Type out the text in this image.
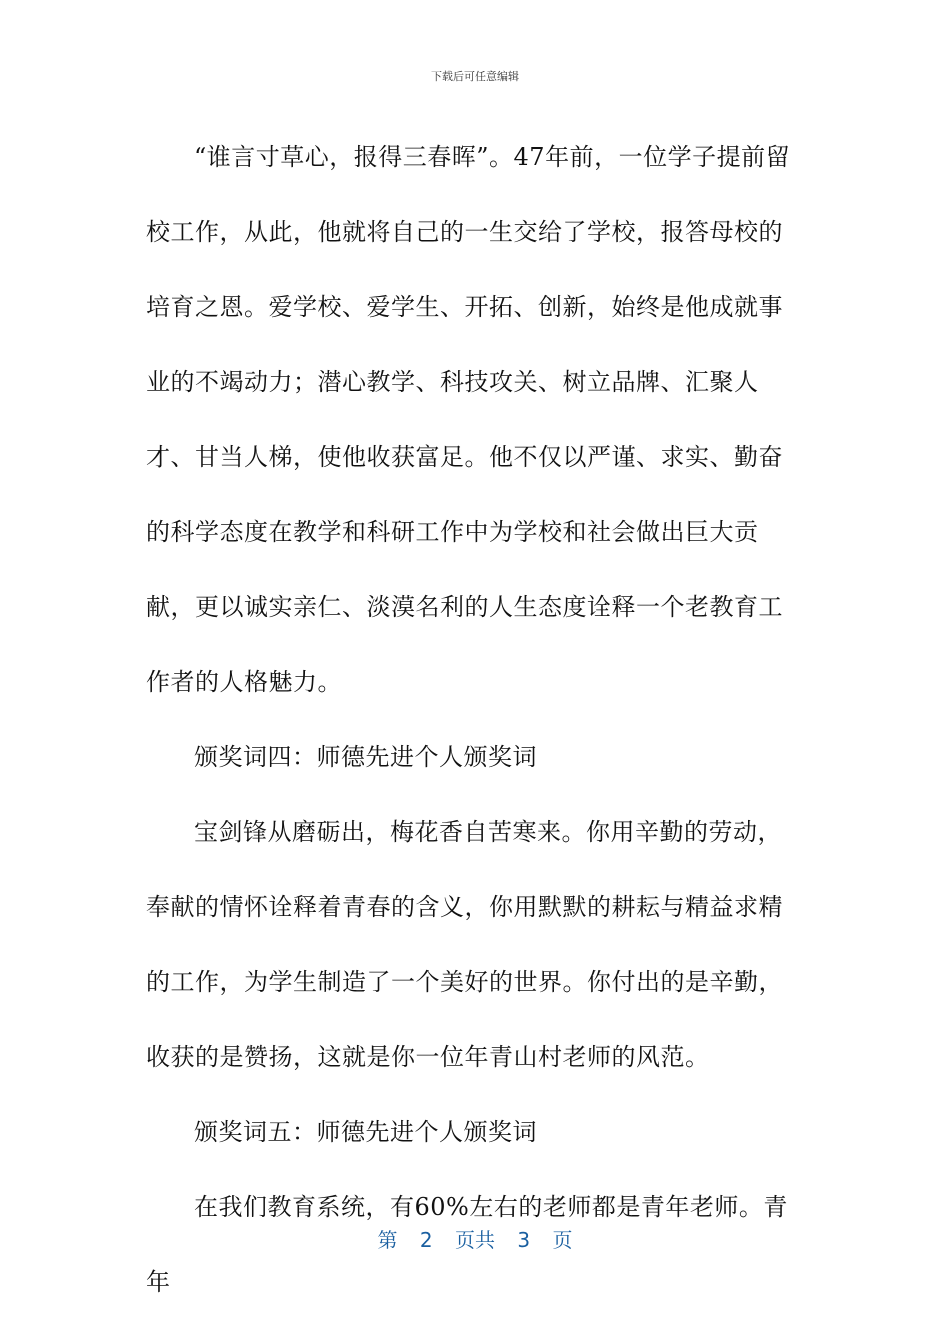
下载后可任意编辑

“谁言寸草心，报得三春晖”。47年前，一位学子提前留校工作，从此，他就将自己的一生交给了学校，报答母校的培育之恩。爱学校、爱学生、开拓、创新，始终是他成就事业的不竭动力；潜心教学、科技攻关、树立品牌、汇聚人才、甘当人梯，使他收获富足。他不仅以严谨、求实、勤奋的科学态度在教学和科研工作中为学校和社会做出巨大贡献，更以诚实亲仁、淡漠名利的人生态度诠释一个老教育工作者的人格魅力。

颁奖词四：师德先进个人颁奖词

宝剑锋从磨砺出，梅花香自苦寒来。你用辛勤的劳动，奉献的情怀诠释着青春的含义，你用默默的耕耘与精益求精的工作，为学生制造了一个美好的世界。你付出的是辛勤，收获的是赞扬，这就是你一位年青山村老师的风范。

颁奖词五：师德先进个人颁奖词

在我们教育系统，有60%左右的老师都是青年老师。青年

第 2 页共 3 页
